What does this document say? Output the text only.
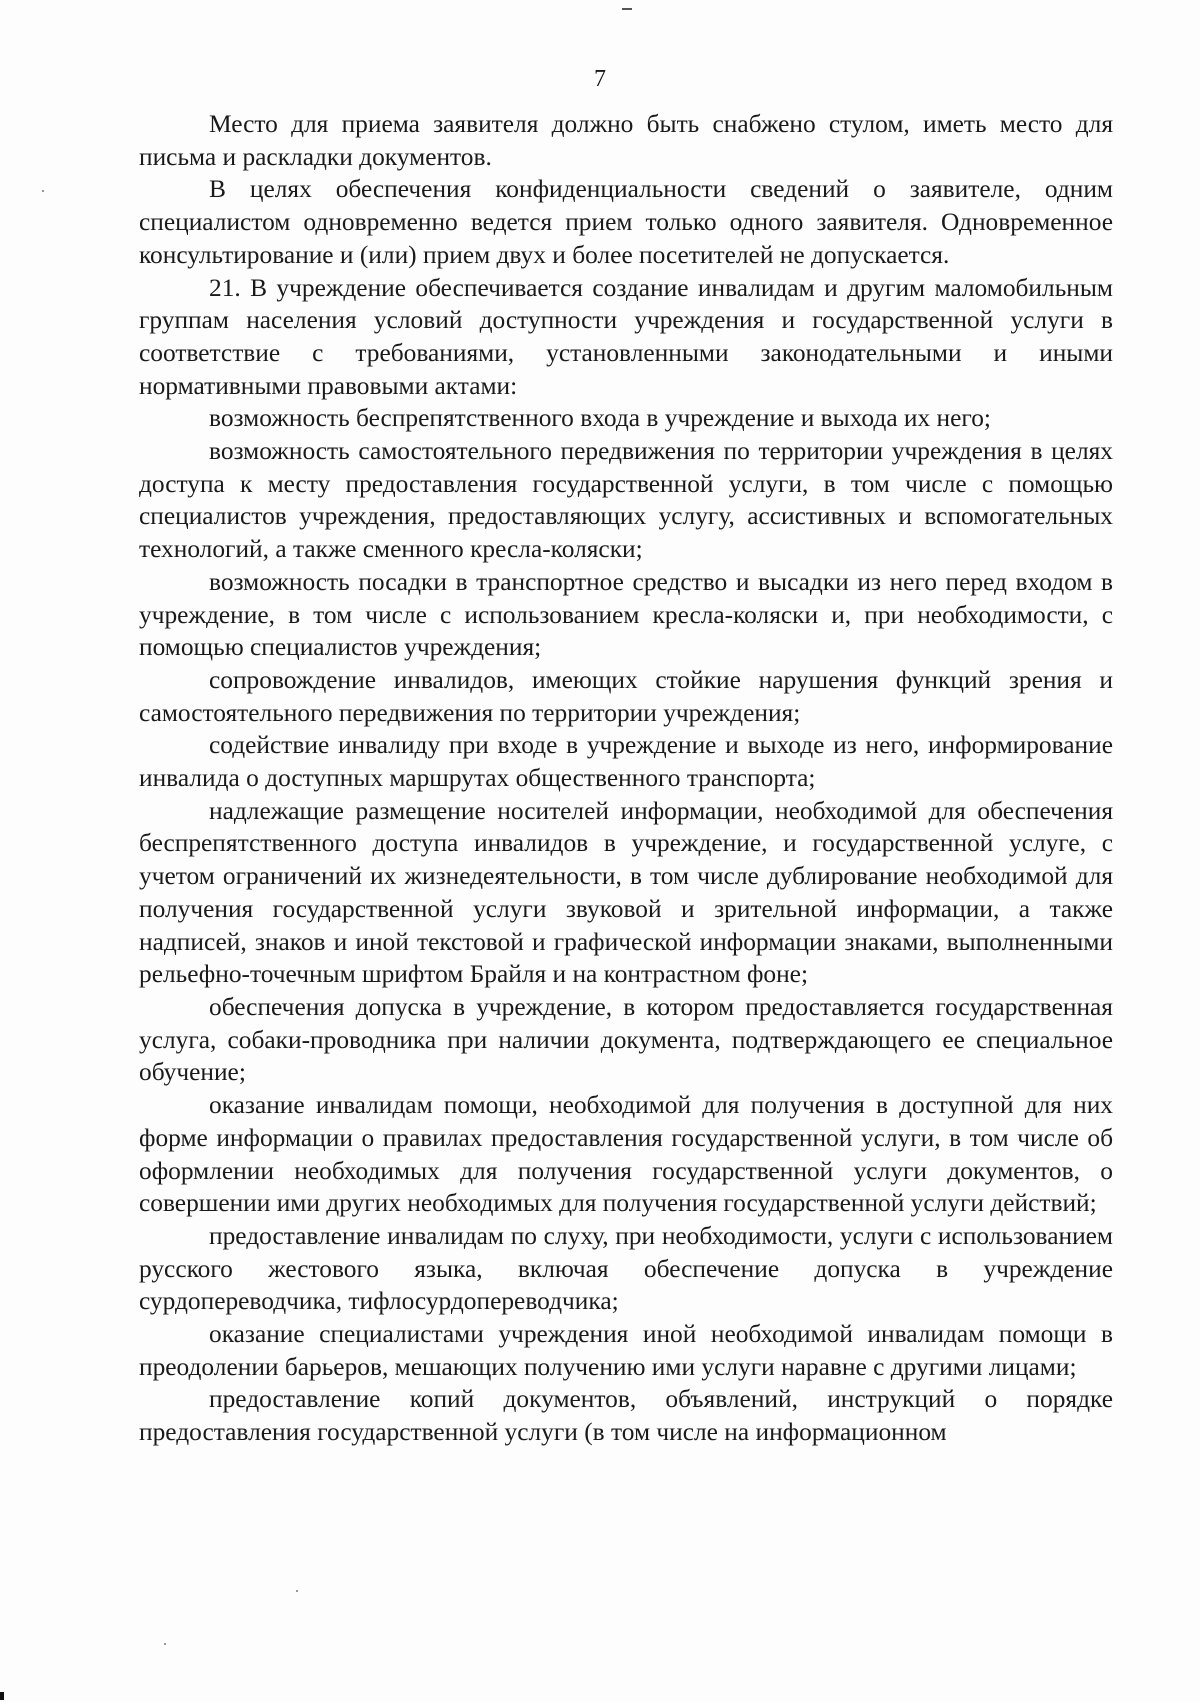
7

Место для приема заявителя должно быть снабжено стулом, иметь место для письма и раскладки документов.

В целях обеспечения конфиденциальности сведений о заявителе, одним специалистом одновременно ведется прием только одного заявителя. Одновременное консультирование и (или) прием двух и более посетителей не допускается.

21. В учреждение обеспечивается создание инвалидам и другим маломобильным группам населения условий доступности учреждения и государственной услуги в соответствие с требованиями, установленными законодательными и иными нормативными правовыми актами:

возможность беспрепятственного входа в учреждение и выхода их него;

возможность самостоятельного передвижения по территории учреждения в целях доступа к месту предоставления государственной услуги, в том числе с помощью специалистов учреждения, предоставляющих услугу, ассистивных и вспомогательных технологий, а также сменного кресла-коляски;

возможность посадки в транспортное средство и высадки из него перед входом в учреждение, в том числе с использованием кресла-коляски и, при необходимости, с помощью специалистов учреждения;

сопровождение инвалидов, имеющих стойкие нарушения функций зрения и самостоятельного передвижения по территории учреждения;

содействие инвалиду при входе в учреждение и выходе из него, информирование инвалида о доступных маршрутах общественного транспорта;

надлежащие размещение носителей информации, необходимой для обеспечения беспрепятственного доступа инвалидов в учреждение, и государственной услуге, с учетом ограничений их жизнедеятельности, в том числе дублирование необходимой для получения государственной услуги звуковой и зрительной информации, а также надписей, знаков и иной текстовой и графической информации знаками, выполненными рельефно-точечным шрифтом Брайля и на контрастном фоне;

обеспечения допуска в учреждение, в котором предоставляется государственная услуга, собаки-проводника при наличии документа, подтверждающего ее специальное обучение;

оказание инвалидам помощи, необходимой для получения в доступной для них форме информации о правилах предоставления государственной услуги, в том числе об оформлении необходимых для получения государственной услуги документов, о совершении ими других необходимых для получения государственной услуги действий;

предоставление инвалидам по слуху, при необходимости, услуги с использованием русского жестового языка, включая обеспечение допуска в учреждение сурдопереводчика, тифлосурдопереводчика;

оказание специалистами учреждения иной необходимой инвалидам помощи в преодолении барьеров, мешающих получению ими услуги наравне с другими лицами;

предоставление копий документов, объявлений, инструкций о порядке предоставления государственной услуги (в том числе на информационном
